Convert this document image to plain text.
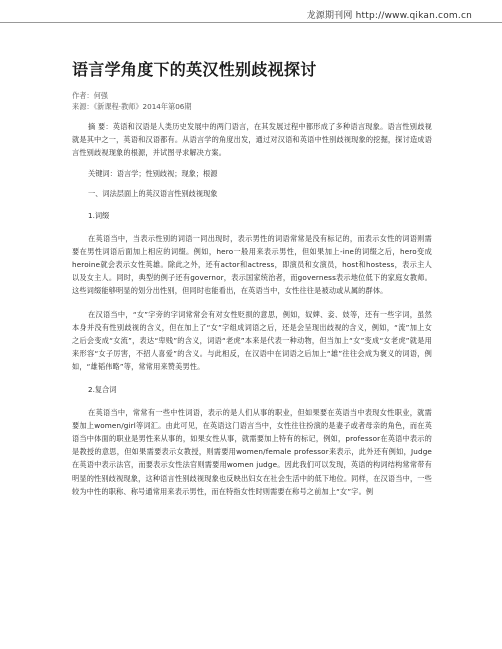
龙源期刊网 http://www.qikan.com.cn
语言学角度下的英汉性别歧视探讨
作者：何强
来源：《新课程·教师》2014年第06期

摘 要：英语和汉语是人类历史发展中的两门语言，在其发展过程中都形成了多种语言现象。语言性别歧视就是其中之一，英语和汉语都有。从语言学的角度出发，通过对汉语和英语中性别歧视现象的挖掘，探讨造成语言性别歧视现象的根源，并试图寻求解决方案。

关键词：语言学；性别歧视；现象；根源

一、词法层面上的英汉语言性别歧视现象

1.词缀

在英语当中，当表示性别的词语一同出现时，表示男性的词语常常是没有标记的，而表示女性的词语则需要在男性词语后面加上相应的词缀。例如，hero一般用来表示男性，但如果加上-ine的词缀之后，hero变成heroine就会表示女性英雄。除此之外，还有actor和actress，即演员和女演员，host和hostess，表示主人以及女主人。同时，典型的例子还有governor，表示国家统治者，而governess表示地位低下的家庭女教师。这些词缀能够明显的划分出性别，但同时也能看出，在英语当中，女性往往是被动或从属的群体。

在汉语当中，“女”字旁的字词常常会有对女性贬损的意思，例如，奴婢、妾、妓等，还有一些字词，虽然本身并没有性别歧视的含义，但在加上了“女”字组成词语之后，还是会呈现出歧视的含义，例如，“流”加上女之后会变成“女流”，表达“卑贱”的含义，词语“老虎”本来是代表一种动物，但当加上“女”变成“女老虎”就是用来形容“女子厉害，不招人喜爱”的含义。与此相反，在汉语中在词语之后加上“雄”往往会成为褒义的词语，例如，“雄韬伟略”等，常常用来赞美男性。

2.复合词

在英语当中，常常有一些中性词语，表示的是人们从事的职业，但如果要在英语当中表现女性职业，就需要加上women/girl等词汇。由此可见，在英语这门语言当中，女性往往扮演的是妻子或者母亲的角色，而在英语当中体面的职业是男性来从事的，如果女性从事，就需要加上特有的标记，例如，professor在英语中表示的是教授的意思，但如果需要表示女教授，则需要用women/female professor来表示，此外还有例如，Judge在英语中表示法官，而要表示女性法官则需要用women judge。因此我们可以发现，英语的构词结构常常带有明显的性别歧视现象，这种语言性别歧视现象也反映出妇女在社会生活中的低下地位。同样，在汉语当中，一些较为中性的职称、称号通常用来表示男性，而在特指女性时则需要在称号之前加上“女”字。例
